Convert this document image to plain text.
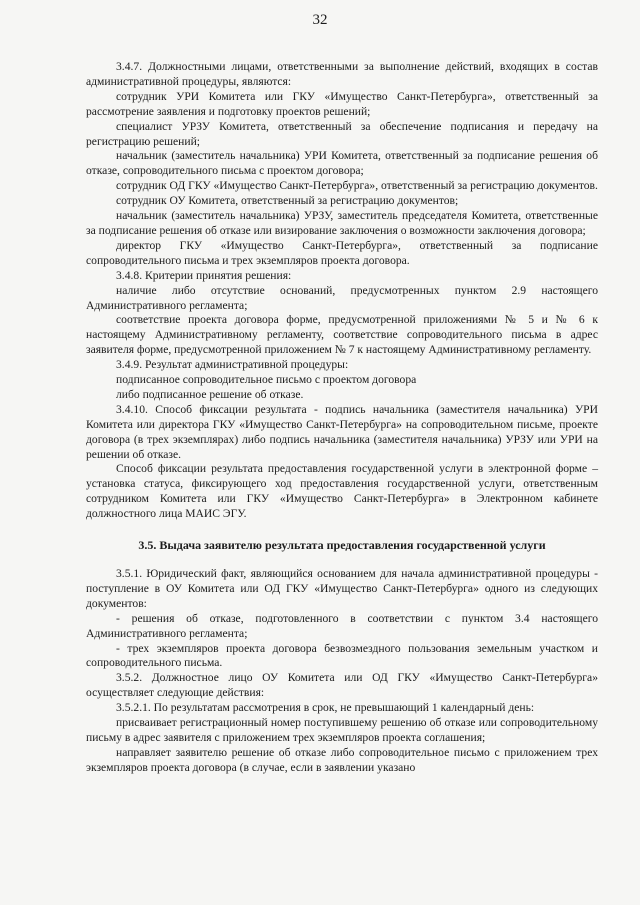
32

3.4.7. Должностными лицами, ответственными за выполнение действий, входящих в состав административной процедуры, являются:

сотрудник УРИ Комитета или ГКУ «Имущество Санкт-Петербурга», ответственный за рассмотрение заявления и подготовку проектов решений;

специалист УРЗУ Комитета, ответственный за обеспечение подписания и передачу на регистрацию решений;

начальник (заместитель начальника) УРИ Комитета, ответственный за подписание решения об отказе, сопроводительного письма с проектом договора;

сотрудник ОД ГКУ «Имущество Санкт-Петербурга», ответственный за регистрацию документов.

сотрудник ОУ Комитета, ответственный за регистрацию документов;

начальник (заместитель начальника) УРЗУ, заместитель председателя Комитета, ответственные за подписание решения об отказе или визирование заключения о возможности заключения договора;

директор ГКУ «Имущество Санкт-Петербурга», ответственный за подписание сопроводительного письма и трех экземпляров проекта договора.

3.4.8. Критерии принятия решения:

наличие либо отсутствие оснований, предусмотренных пунктом 2.9 настоящего Административного регламента;

соответствие проекта договора форме, предусмотренной приложениями № 5 и № 6 к настоящему Административному регламенту, соответствие сопроводительного письма в адрес заявителя форме, предусмотренной приложением № 7 к настоящему Административному регламенту.

3.4.9. Результат административной процедуры:

подписанное сопроводительное письмо с проектом договора

либо подписанное решение об отказе.

3.4.10. Способ фиксации результата - подпись начальника (заместителя начальника) УРИ Комитета или директора ГКУ «Имущество Санкт-Петербурга» на сопроводительном письме, проекте договора (в трех экземплярах) либо подпись начальника (заместителя начальника) УРЗУ или УРИ на решении об отказе.

Способ фиксации результата предоставления государственной услуги в электронной форме – установка статуса, фиксирующего ход предоставления государственной услуги, ответственным сотрудником Комитета или ГКУ «Имущество Санкт-Петербурга» в Электронном кабинете должностного лица МАИС ЭГУ.

3.5. Выдача заявителю результата предоставления государственной услуги

3.5.1. Юридический факт, являющийся основанием для начала административной процедуры - поступление в ОУ Комитета или ОД ГКУ «Имущество Санкт-Петербурга» одного из следующих документов:

- решения об отказе, подготовленного в соответствии с пунктом 3.4 настоящего Административного регламента;

- трех экземпляров проекта договора безвозмездного пользования земельным участком и сопроводительного письма.

3.5.2. Должностное лицо ОУ Комитета или ОД ГКУ «Имущество Санкт-Петербурга» осуществляет следующие действия:

3.5.2.1. По результатам рассмотрения в срок, не превышающий 1 календарный день:

присваивает регистрационный номер поступившему решению об отказе или сопроводительному письму в адрес заявителя с приложением трех экземпляров проекта соглашения;

направляет заявителю решение об отказе либо сопроводительное письмо с приложением трех экземпляров проекта договора (в случае, если в заявлении указано
